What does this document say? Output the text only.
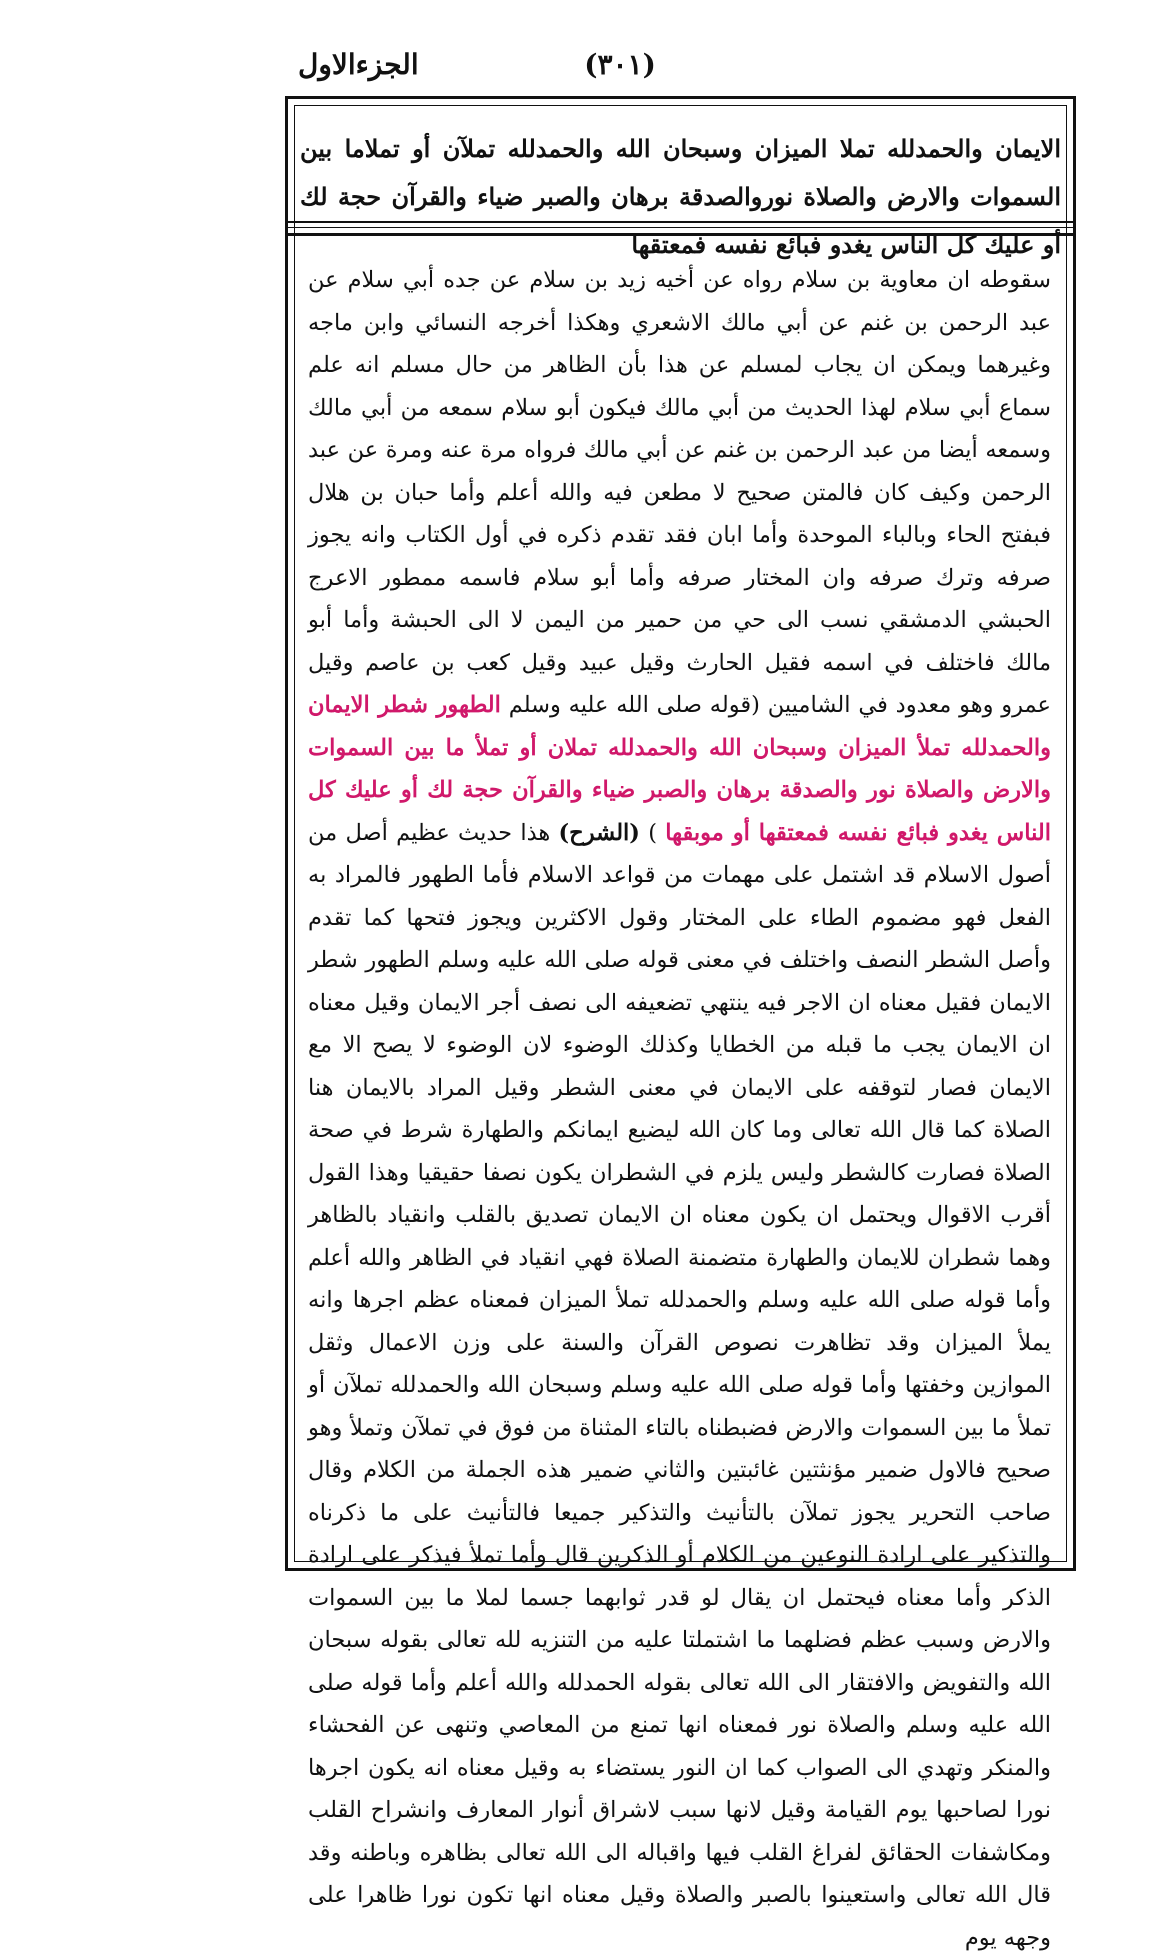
الجزءالاول	(٣٠١)
الايمان والحمدلله تملا الميزان وسبحان الله والحمدلله تملآن أو تملاما بين السموات والارض والصلاة نوروالصدقة برهان والصبر ضياء والقرآن حجة لك أو عليك كل الناس يغدو فبائع نفسه فمعتقها
سقوطه ان معاوية بن سلام رواه عن أخيه زيد بن سلام عن جده أبي سلام عن عبد الرحمن بن غنم عن أبي مالك الاشعري وهكذا أخرجه النسائي وابن ماجه وغيرهما ويمكن ان يجاب لمسلم عن هذا بأن الظاهر من حال مسلم انه علم سماع أبي سلام لهذا الحديث من أبي مالك فيكون أبو سلام سمعه من أبي مالك وسمعه أيضا من عبد الرحمن بن غنم عن أبي مالك فرواه مرة عنه ومرة عن عبد الرحمن وكيف كان فالمتن صحيح لا مطعن فيه والله أعلم وأما حبان بن هلال فبفتح الحاء وبالباء الموحدة وأما ابان فقد تقدم ذكره في أول الكتاب وانه يجوز صرفه وترك صرفه وان المختار صرفه وأما أبو سلام فاسمه ممطور الاعرج الحبشي الدمشقي نسب الى حي من حمير من اليمن لا الى الحبشة وأما أبو مالك فاختلف في اسمه فقيل الحارث وقيل عبيد وقيل كعب بن عاصم وقيل عمرو وهو معدود في الشاميين (قوله صلى الله عليه وسلم الطهور شطر الايمان والحمدلله تملأ الميزان وسبحان الله والحمدلله تملان أو تملأ ما بين السموات والارض والصلاة نور والصدقة برهان والصبر ضياء والقرآن حجة لك أو عليك كل الناس يغدو فبائع نفسه فمعتقها أو موبقها ) (الشرح) هذا حديث عظيم أصل من أصول الاسلام قد اشتمل على مهمات من قواعد الاسلام فأما الطهور فالمراد به الفعل فهو مضموم الطاء على المختار وقول الاكثرين ويجوز فتحها كما تقدم وأصل الشطر النصف واختلف في معنى قوله صلى الله عليه وسلم الطهور شطر الايمان فقيل معناه ان الاجر فيه ينتهي تضعيفه الى نصف أجر الايمان وقيل معناه ان الايمان يجب ما قبله من الخطايا وكذلك الوضوء لان الوضوء لا يصح الا مع الايمان فصار لتوقفه على الايمان في معنى الشطر وقيل المراد بالايمان هنا الصلاة كما قال الله تعالى وما كان الله ليضيع ايمانكم والطهارة شرط في صحة الصلاة فصارت كالشطر وليس يلزم في الشطران يكون نصفا حقيقيا وهذا القول أقرب الاقوال ويحتمل ان يكون معناه ان الايمان تصديق بالقلب وانقياد بالظاهر وهما شطران للايمان والطهارة متضمنة الصلاة فهي انقياد في الظاهر والله أعلم وأما قوله صلى الله عليه وسلم والحمدلله تملأ الميزان فمعناه عظم اجرها وانه يملأ الميزان وقد تظاهرت نصوص القرآن والسنة على وزن الاعمال وثقل الموازين وخفتها وأما قوله صلى الله عليه وسلم وسبحان الله والحمدلله تملآن أو تملأ ما بين السموات والارض فضبطناه بالتاء المثناة من فوق في تملآن وتملأ وهو صحيح فالاول ضمير مؤنثتين غائبتين والثاني ضمير هذه الجملة من الكلام وقال صاحب التحرير يجوز تملآن بالتأنيث والتذكير جميعا فالتأنيث على ما ذكرناه والتذكير على ارادة النوعين من الكلام أو الذكرين قال وأما تملأ فيذكر على ارادة الذكر وأما معناه فيحتمل ان يقال لو قدر ثوابهما جسما لملا ما بين السموات والارض وسبب عظم فضلهما ما اشتملتا عليه من التنزيه لله تعالى بقوله سبحان الله والتفويض والافتقار الى الله تعالى بقوله الحمدلله والله أعلم وأما قوله صلى الله عليه وسلم والصلاة نور فمعناه انها تمنع من المعاصي وتنهى عن الفحشاء والمنكر وتهدي الى الصواب كما ان النور يستضاء به وقيل معناه انه يكون اجرها نورا لصاحبها يوم القيامة وقيل لانها سبب لاشراق أنوار المعارف وانشراح القلب ومكاشفات الحقائق لفراغ القلب فيها واقباله الى الله تعالى بظاهره وباطنه وقد قال الله تعالى واستعينوا بالصبر والصلاة وقيل معناه انها تكون نورا ظاهرا على وجهه يوم
